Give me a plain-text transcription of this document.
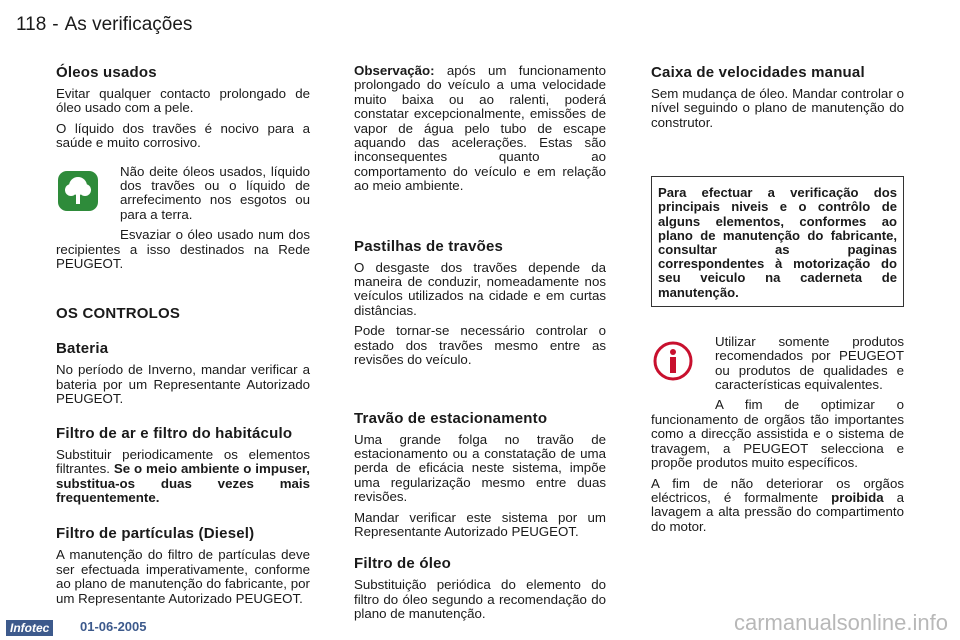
118 - As verificações
Óleos usados

Evitar qualquer contacto prolongado de óleo usado com a pele.

O líquido dos travões é nocivo para a saúde e muito corrosivo.

Não deite óleos usados, líquido dos travões ou o líquido de arrefecimento nos esgotos ou para a terra.

Esvaziar o óleo usado num dos recipientes a isso destinados na Rede PEUGEOT.

OS CONTROLOS
Bateria

No período de Inverno, mandar verificar a bateria por um Representante Autorizado PEUGEOT.

Filtro de ar e filtro do habitáculo

Substituir periodicamente os elementos filtrantes. Se o meio ambiente o impuser, substitua-os duas vezes mais frequentemente.

Filtro de partículas (Diesel)

A manutenção do filtro de partículas deve ser efectuada imperativamente, conforme ao plano de manutenção do fabricante, por um Representante Autorizado PEUGEOT.

Observação: após um funcionamento prolongado do veículo a uma velocidade muito baixa ou ao ralenti, poderá constatar excepcionalmente, emissões de vapor de água pelo tubo de escape aquando das acelerações. Estas são inconsequentes quanto ao comportamento do veículo e em relação ao meio ambiente.

Pastilhas de travões

O desgaste dos travões depende da maneira de conduzir, nomeadamente nos veículos utilizados na cidade e em curtas distâncias.

Pode tornar-se necessário controlar o estado dos travões mesmo entre as revisões do veículo.

Travão de estacionamento

Uma grande folga no travão de estacionamento ou a constatação de uma perda de eficácia neste sistema, impõe uma regularização mesmo entre duas revisões.

Mandar verificar este sistema por um Representante Autorizado PEUGEOT.

Filtro de óleo

Substituição periódica do elemento do filtro do óleo segundo a recomendação do plano de manutenção.

Caixa de velocidades manual

Sem mudança de óleo. Mandar controlar o nível seguindo o plano de manutenção do construtor.

Para efectuar a verificação dos principais niveis e o contrôlo de alguns elementos, conformes ao plano de manutenção do fabricante, consultar as paginas correspondentes à motorização do seu veiculo na caderneta de manutenção.

Utilizar somente produtos recomendados por PEUGEOT ou produtos de qualidades e características equivalentes.

A fim de optimizar o funcionamento de orgãos tão importantes como a direcção assistida e o sistema de travagem, a PEUGEOT selecciona e propõe produtos muito específicos.

A fim de não deteriorar os orgãos eléctricos, é formalmente proibida a lavagem a alta pressão do compartimento do motor.

Infotec	01-06-2005	carmanualsonline.info
